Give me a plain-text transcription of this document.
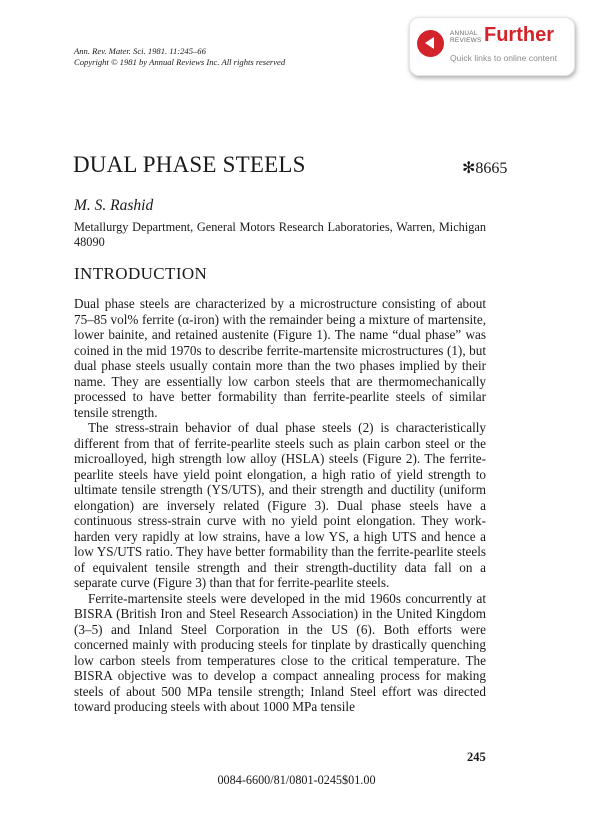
Ann. Rev. Mater. Sci. 1981. 11:245–66
Copyright © 1981 by Annual Reviews Inc. All rights reserved
ANNUAL
REVIEWS Further
Quick links to online content
DUAL PHASE STEELS	✻8665
M. S. Rashid
Metallurgy Department, General Motors Research Laboratories, Warren, Michigan 48090
INTRODUCTION

Dual phase steels are characterized by a microstructure consisting of about 75–85 vol% ferrite (α-iron) with the remainder being a mixture of martensite, lower bainite, and retained austenite (Figure 1). The name “dual phase” was coined in the mid 1970s to describe ferrite-martensite microstructures (1), but dual phase steels usually contain more than the two phases implied by their name. They are essentially low carbon steels that are thermomechanically processed to have better formability than ferrite-pearlite steels of similar tensile strength.

The stress-strain behavior of dual phase steels (2) is characteristically different from that of ferrite-pearlite steels such as plain carbon steel or the microalloyed, high strength low alloy (HSLA) steels (Figure 2). The ferrite-pearlite steels have yield point elongation, a high ratio of yield strength to ultimate tensile strength (YS/UTS), and their strength and ductility (uniform elongation) are inversely related (Figure 3). Dual phase steels have a continuous stress-strain curve with no yield point elongation. They work-harden very rapidly at low strains, have a low YS, a high UTS and hence a low YS/UTS ratio. They have better formability than the ferrite-pearlite steels of equivalent tensile strength and their strength-ductility data fall on a separate curve (Figure 3) than that for ferrite-pearlite steels.

Ferrite-martensite steels were developed in the mid 1960s concurrently at BISRA (British Iron and Steel Research Association) in the United Kingdom (3–5) and Inland Steel Corporation in the US (6). Both efforts were concerned mainly with producing steels for tinplate by drastically quenching low carbon steels from temperatures close to the critical temperature. The BISRA objective was to develop a compact annealing process for making steels of about 500 MPa tensile strength; Inland Steel effort was directed toward producing steels with about 1000 MPa tensile

245
0084-6600/81/0801-0245$01.00
